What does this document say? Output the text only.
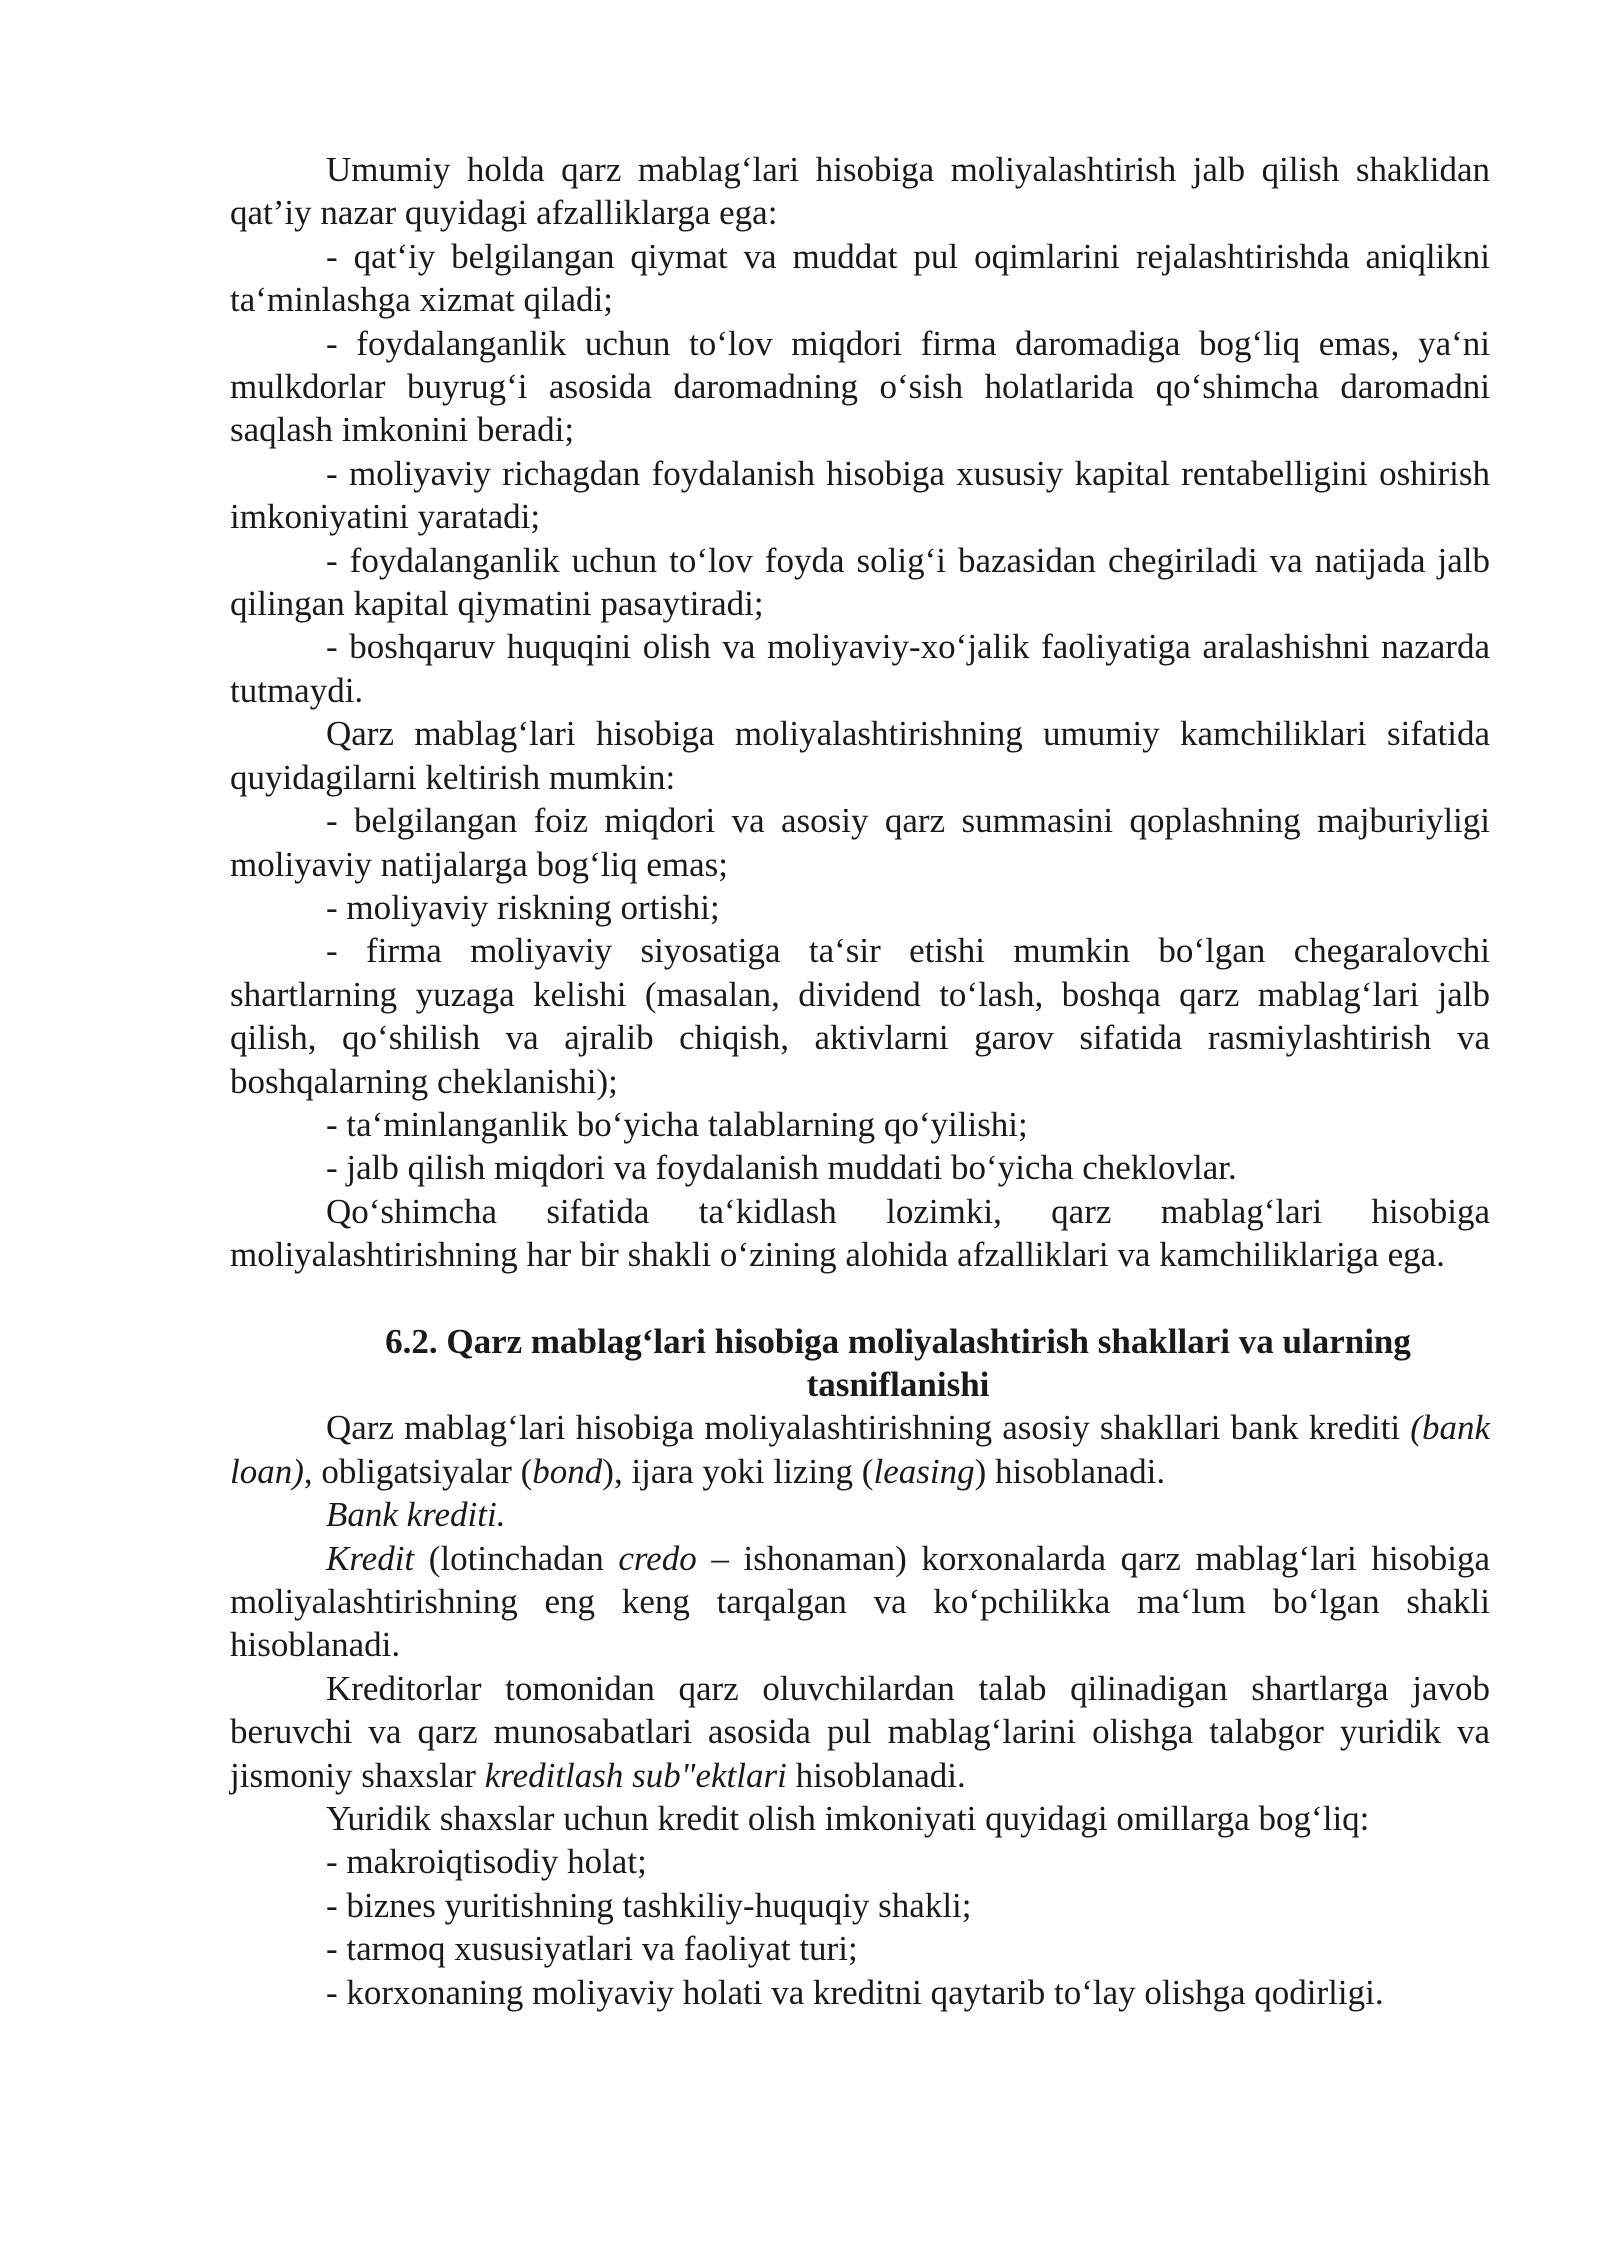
Umumiy holda qarz mablag‘lari hisobiga moliyalashtirish jalb qilish shaklidan qat’iy nazar quyidagi afzalliklarga ega:

- qat‘iy belgilangan qiymat va muddat pul oqimlarini rejalashtirishda aniqlikni ta‘minlashga xizmat qiladi;

- foydalanganlik uchun to‘lov miqdori firma daromadiga bog‘liq emas, ya‘ni mulkdorlar buyrug‘i asosida daromadning o‘sish holatlarida qo‘shimcha daromadni saqlash imkonini beradi;

- moliyaviy richagdan foydalanish hisobiga xususiy kapital rentabelligini oshirish imkoniyatini yaratadi;

- foydalanganlik uchun to‘lov foyda solig‘i bazasidan chegiriladi va natijada jalb qilingan kapital qiymatini pasaytiradi;

- boshqaruv huquqini olish va moliyaviy-xo‘jalik faoliyatiga aralashishni nazarda tutmaydi.

Qarz mablag‘lari hisobiga moliyalashtirishning umumiy kamchiliklari sifatida quyidagilarni keltirish mumkin:

- belgilangan foiz miqdori va asosiy qarz summasini qoplashning majburiyligi moliyaviy natijalarga bog‘liq emas;

- moliyaviy riskning ortishi;

- firma moliyaviy siyosatiga ta‘sir etishi mumkin bo‘lgan chegaralovchi shartlarning yuzaga kelishi (masalan, dividend to‘lash, boshqa qarz mablag‘lari jalb qilish, qo‘shilish va ajralib chiqish, aktivlarni garov sifatida rasmiylashtirish va boshqalarning cheklanishi);

- ta‘minlanganlik bo‘yicha talablarning qo‘yilishi;

- jalb qilish miqdori va foydalanish muddati bo‘yicha cheklovlar.

Qo‘shimcha sifatida ta‘kidlash lozimki, qarz mablag‘lari hisobiga moliyalashtirishning har bir shakli o‘zining alohida afzalliklari va kamchiliklariga ega.

6.2. Qarz mablag‘lari hisobiga moliyalashtirish shakllari va ularning
tasniflanishi

Qarz mablag‘lari hisobiga moliyalashtirishning asosiy shakllari bank krediti (bank loan), obligatsiyalar (bond), ijara yoki lizing (leasing) hisoblanadi.

Bank krediti.

Kredit (lotinchadan credo – ishonaman) korxonalarda qarz mablag‘lari hisobiga moliyalashtirishning eng keng tarqalgan va ko‘pchilikka ma‘lum bo‘lgan shakli hisoblanadi.

Kreditorlar tomonidan qarz oluvchilardan talab qilinadigan shartlarga javob beruvchi va qarz munosabatlari asosida pul mablag‘larini olishga talabgor yuridik va jismoniy shaxslar kreditlash sub"ektlari hisoblanadi.

Yuridik shaxslar uchun kredit olish imkoniyati quyidagi omillarga bog‘liq:

- makroiqtisodiy holat;

- biznes yuritishning tashkiliy-huquqiy shakli;

- tarmoq xususiyatlari va faoliyat turi;

- korxonaning moliyaviy holati va kreditni qaytarib to‘lay olishga qodirligi.
